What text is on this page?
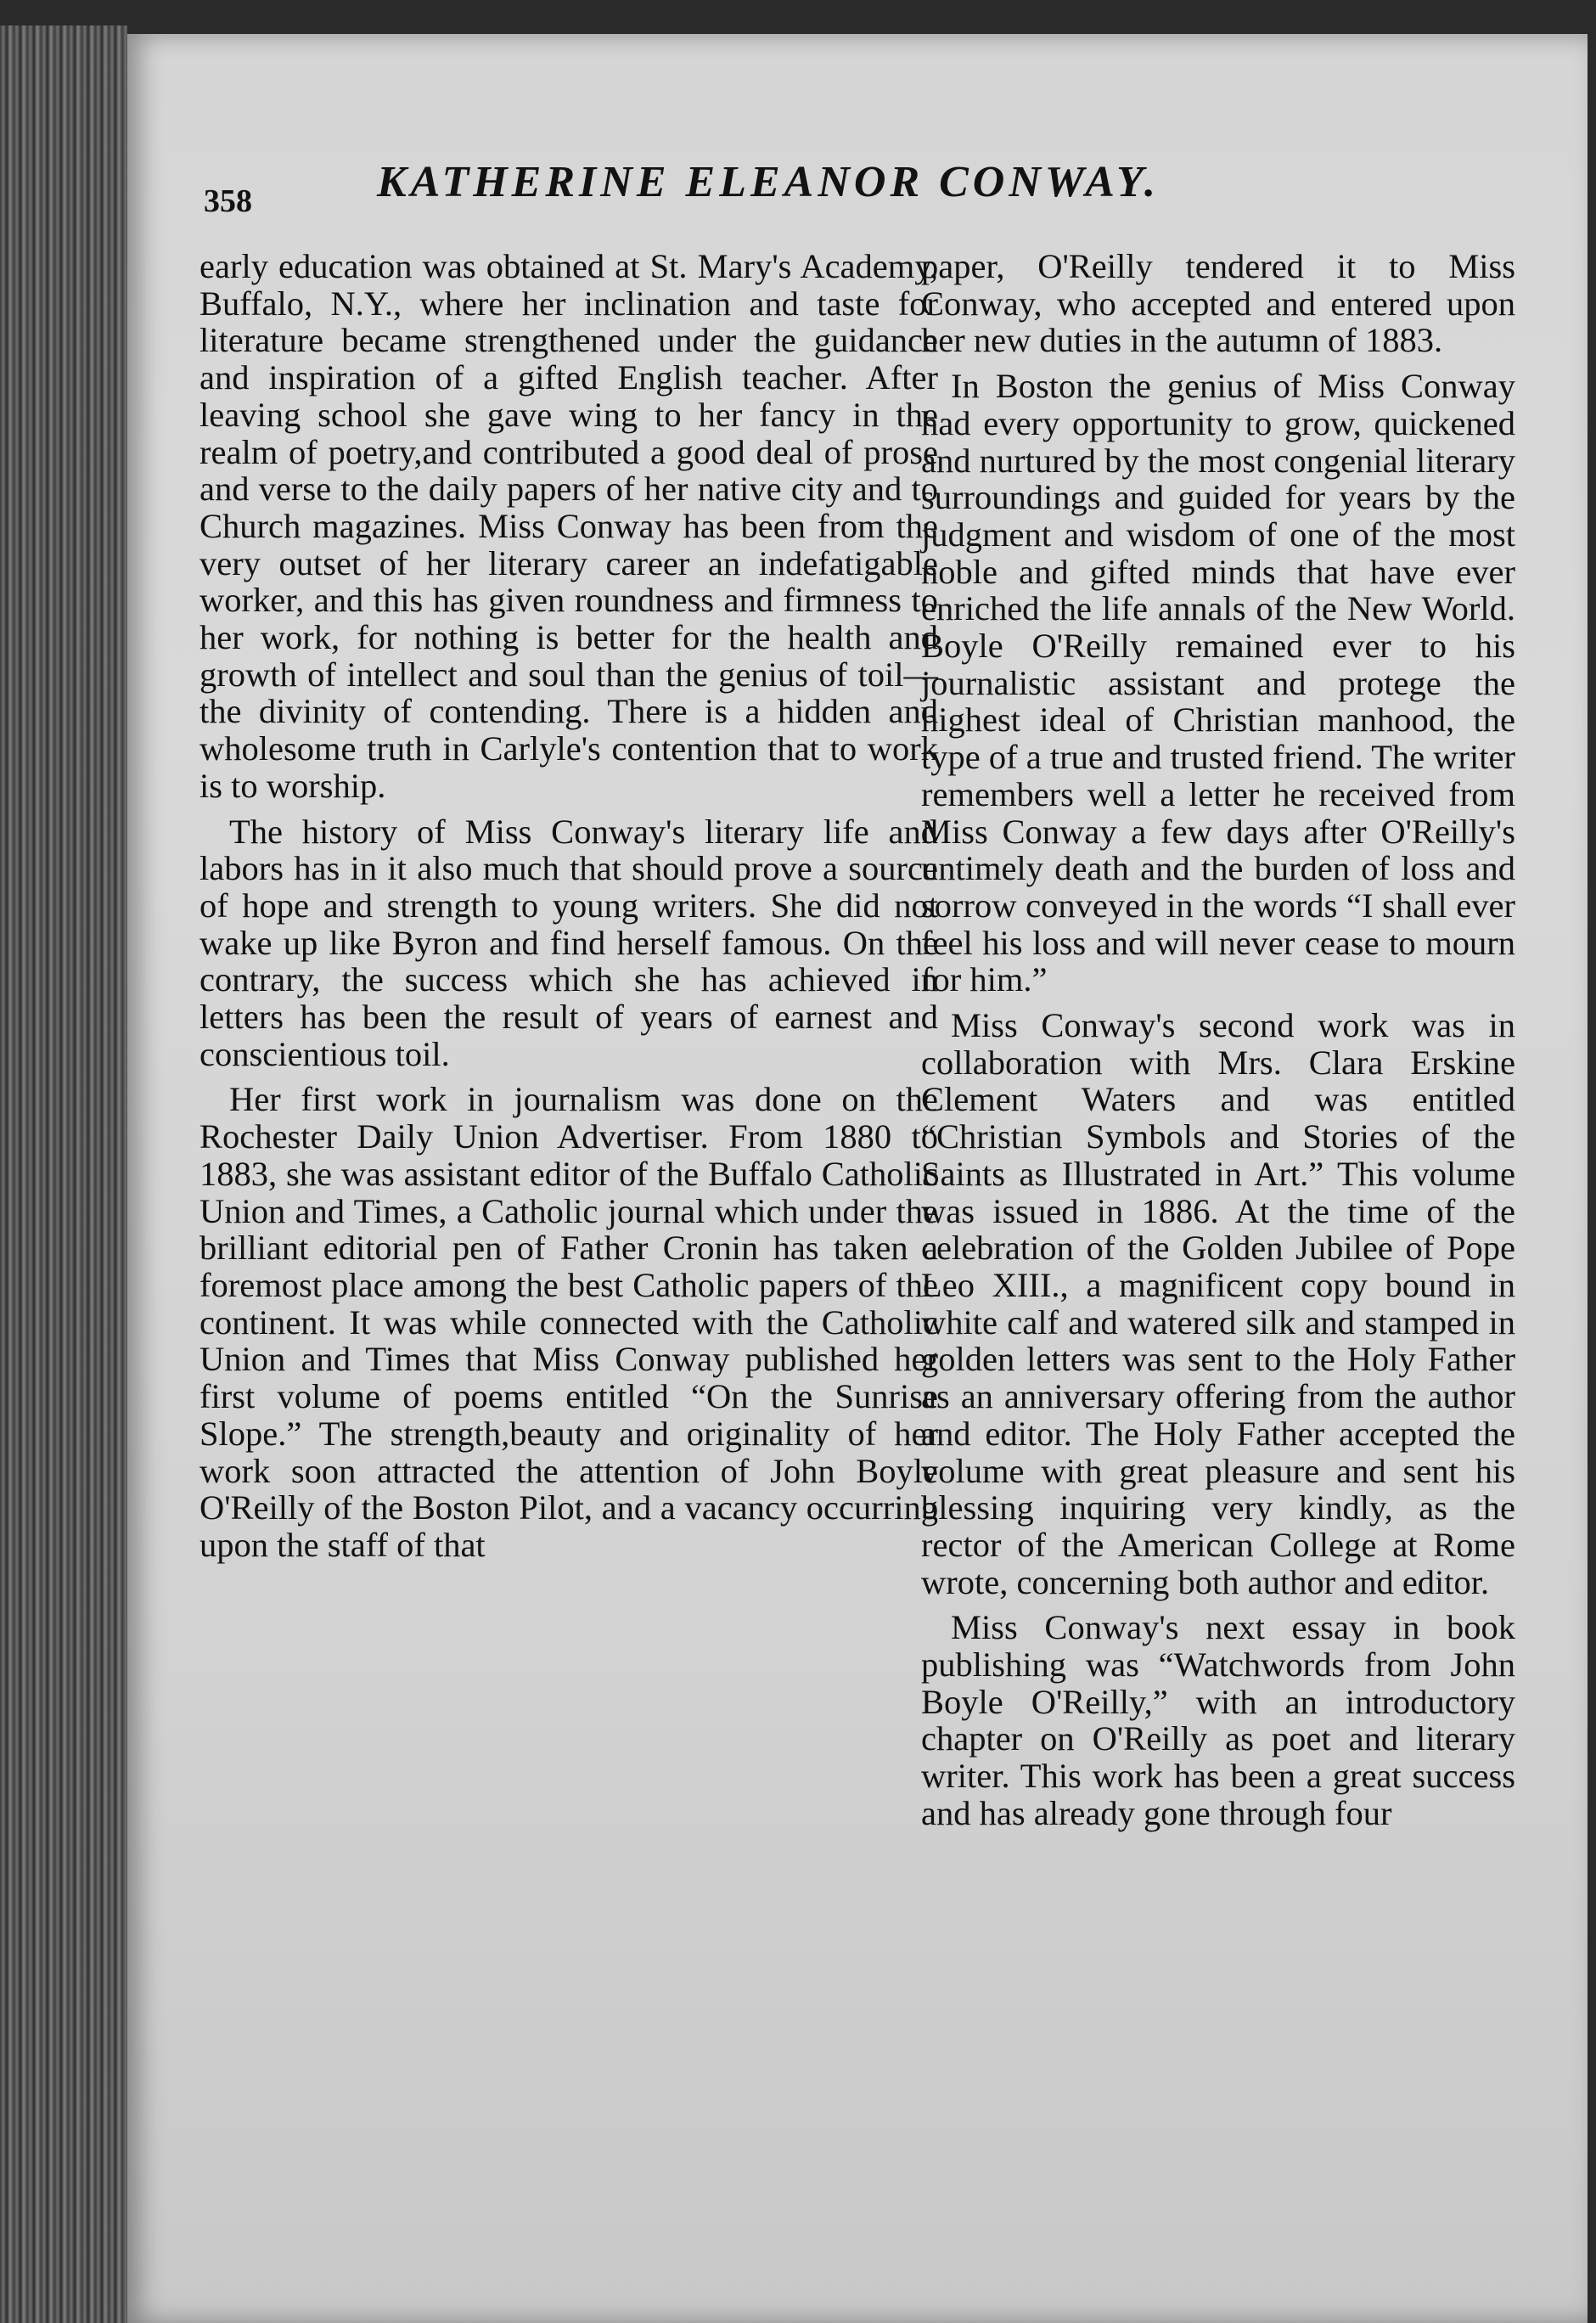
358	KATHERINE ELEANOR CONWAY.

early education was obtained at St. Mary's Academy, Buffalo, N.Y., where her inclination and taste for literature became strengthened under the guidance and inspiration of a gifted English teacher. After leaving school she gave wing to her fancy in the realm of poetry,and contributed a good deal of prose and verse to the daily papers of her native city and to Church magazines. Miss Conway has been from the very outset of her literary career an indefatigable worker, and this has given roundness and firmness to her work, for nothing is better for the health and growth of intellect and soul than the genius of toil—the divinity of contending. There is a hidden and wholesome truth in Carlyle's contention that to work is to worship.

The history of Miss Conway's literary life and labors has in it also much that should prove a source of hope and strength to young writers. She did not wake up like Byron and find herself famous. On the contrary, the success which she has achieved in letters has been the result of years of earnest and conscientious toil.

Her first work in journalism was done on the Rochester Daily Union Advertiser. From 1880 to 1883, she was assistant editor of the Buffalo Catholic Union and Times, a Catholic journal which under the brilliant editorial pen of Father Cronin has taken a foremost place among the best Catholic papers of the continent. It was while connected with the Catholic Union and Times that Miss Conway published her first volume of poems entitled “On the Sunrise Slope.” The strength,beauty and originality of her work soon attracted the attention of John Boyle O'Reilly of the Boston Pilot, and a vacancy occurring upon the staff of that

paper, O'Reilly tendered it to Miss Conway, who accepted and entered upon her new duties in the autumn of 1883.

In Boston the genius of Miss Conway had every opportunity to grow, quickened and nurtured by the most congenial literary surroundings and guided for years by the judgment and wisdom of one of the most noble and gifted minds that have ever enriched the life annals of the New World. Boyle O'Reilly remained ever to his journalistic assistant and protege the highest ideal of Christian manhood, the type of a true and trusted friend. The writer remembers well a letter he received from Miss Conway a few days after O'Reilly's untimely death and the burden of loss and sorrow conveyed in the words “I shall ever feel his loss and will never cease to mourn for him.”

Miss Conway's second work was in collaboration with Mrs. Clara Erskine Clement Waters and was entitled “Christian Symbols and Stories of the Saints as Illustrated in Art.” This volume was issued in 1886. At the time of the celebration of the Golden Jubilee of Pope Leo XIII., a magnificent copy bound in white calf and watered silk and stamped in golden letters was sent to the Holy Father as an anniversary offering from the author and editor. The Holy Father accepted the volume with great pleasure and sent his blessing inquiring very kindly, as the rector of the American College at Rome wrote, concerning both author and editor.

Miss Conway's next essay in book publishing was “Watchwords from John Boyle O'Reilly,” with an introductory chapter on O'Reilly as poet and literary writer. This work has been a great success and has already gone through four
